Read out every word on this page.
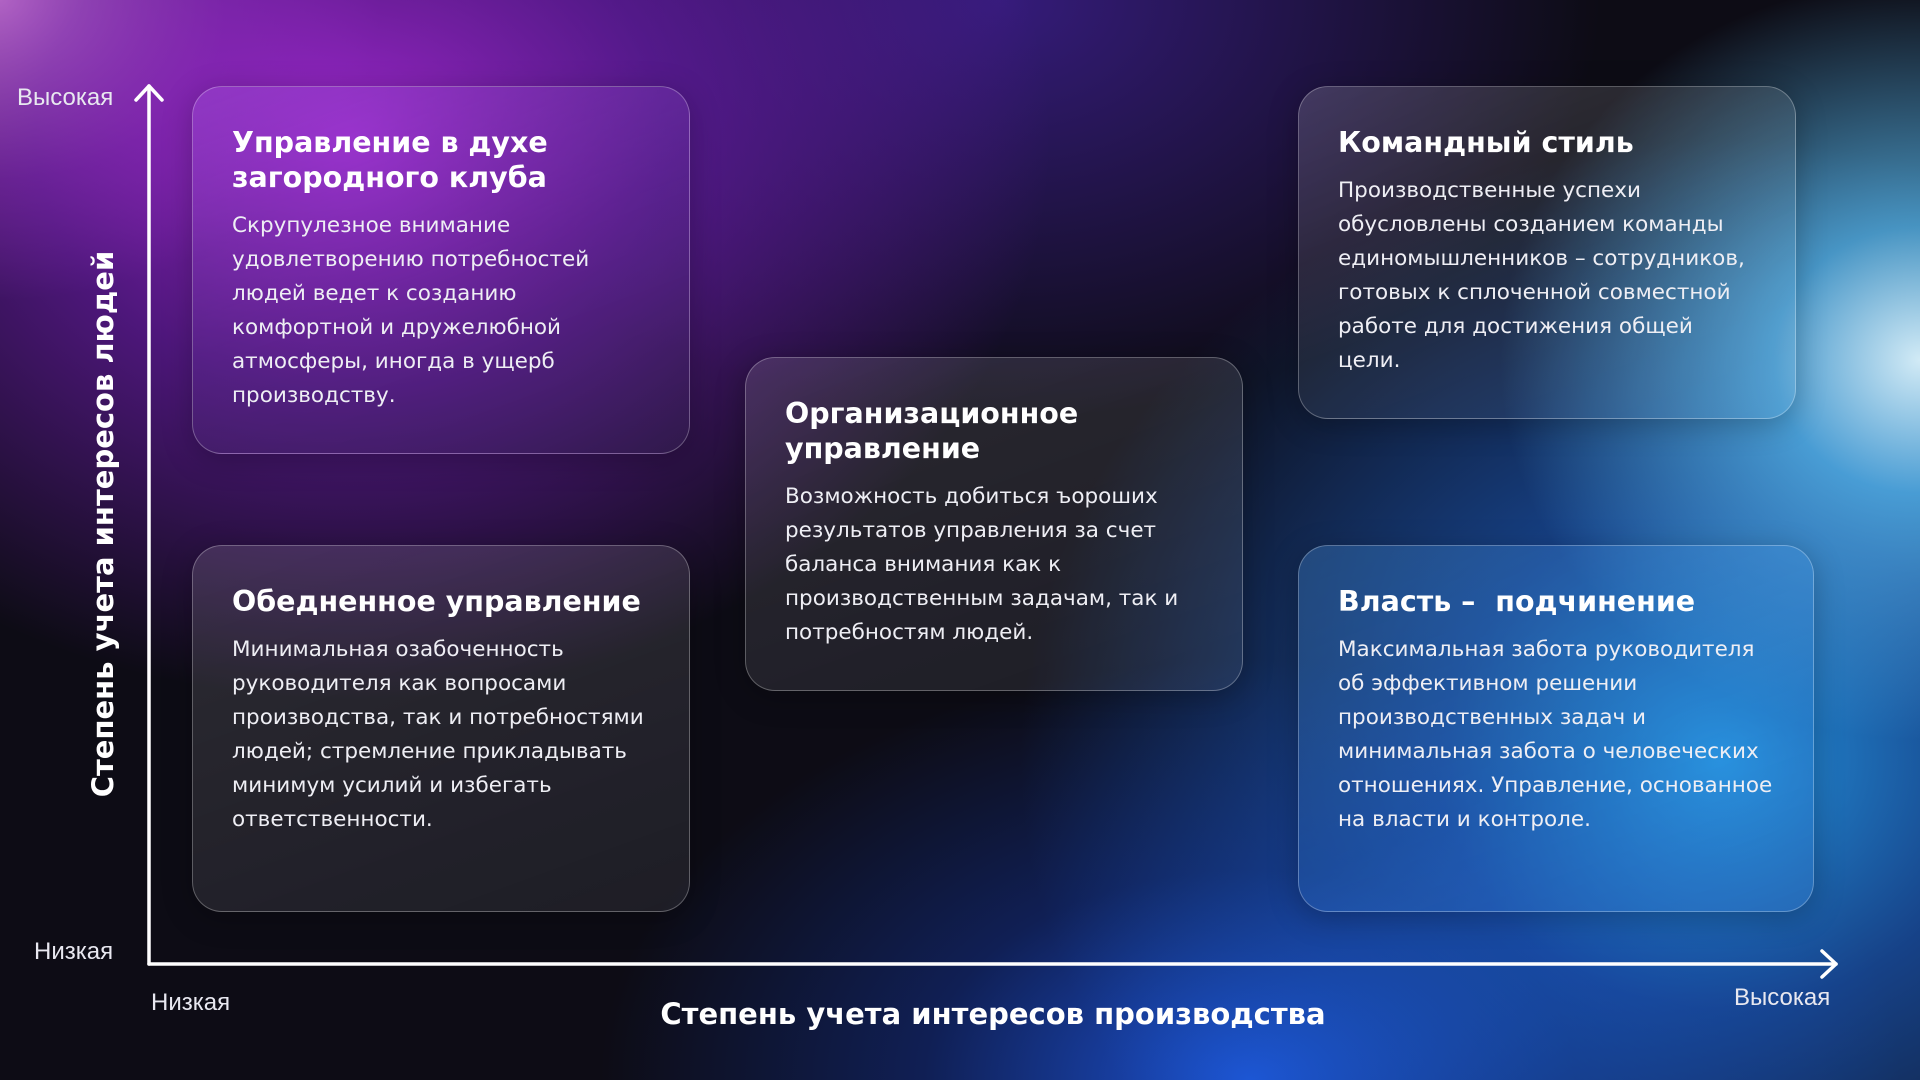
Высокая
Низкая
Низкая	Высокая
Степень учета интересов людей
Степень учета интересов производства
Управление в духе загородного клуба

Скрупулезное внимание удовлетворению потребностей людей ведет к созданию комфортной и дружелюбной атмосферы, иногда в ущерб производству.

Командный стиль

Производственные успехи обусловлены созданием команды единомышленников – сотрудников, готовых к сплоченной совместной работе для достижения общей цели.

Организационное управление

Возможность добиться ъороших результатов управления за счет баланса внимания как к производственным задачам, так и потребностям людей.

Обедненное управление

Минимальная озабоченность руководителя как вопросами производства, так и потребностями людей; стремление прикладывать минимум усилий и избегать ответственности.

Власть –  подчинение

Максимальная забота руководителя об эффективном решении производственных задач и минимальная забота о человеческих отношениях. Управление, основанное на власти и контроле.
